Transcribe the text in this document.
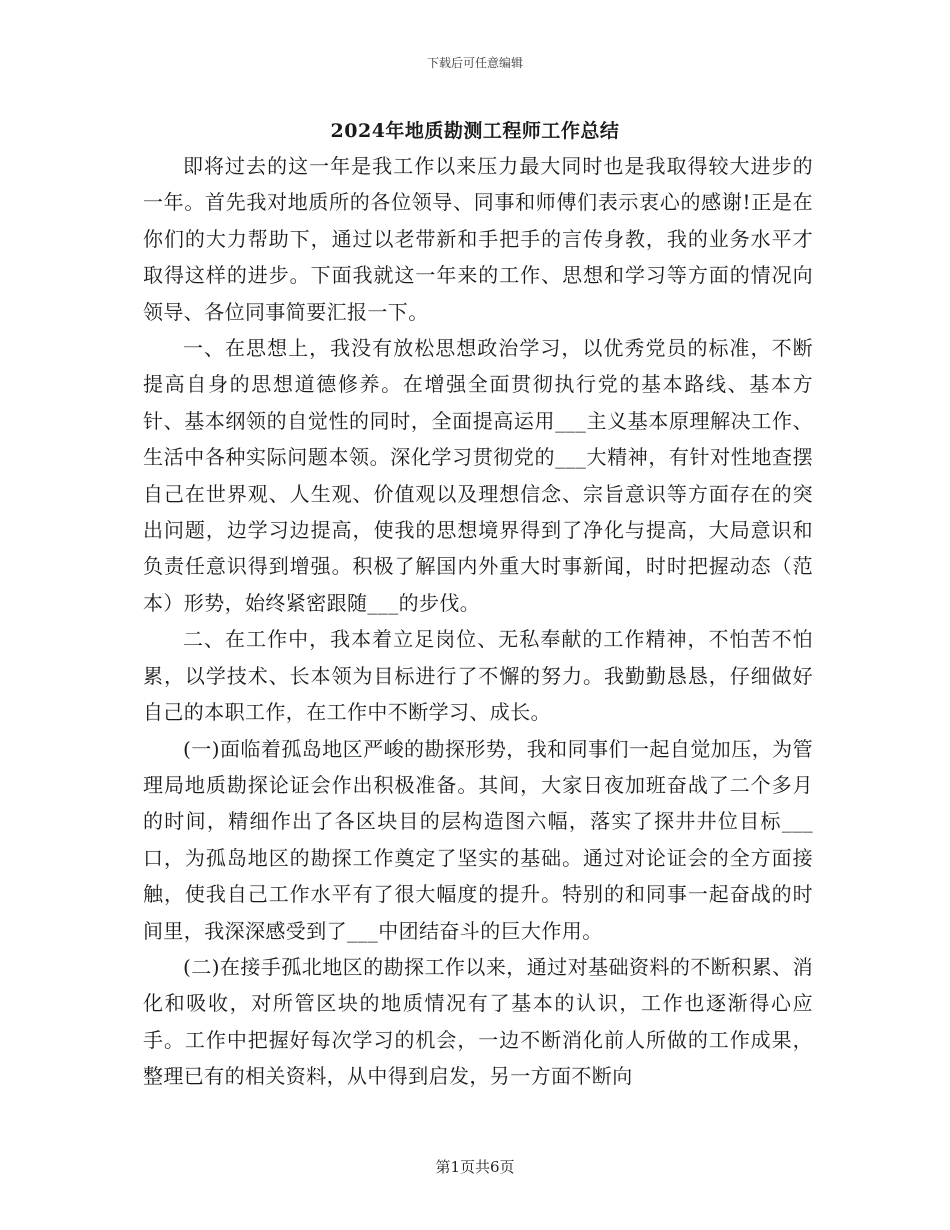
下载后可任意编辑
2024年地质勘测工程师工作总结

即将过去的这一年是我工作以来压力最大同时也是我取得较大进步的一年。首先我对地质所的各位领导、同事和师傅们表示衷心的感谢!正是在你们的大力帮助下，通过以老带新和手把手的言传身教，我的业务水平才取得这样的进步。下面我就这一年来的工作、思想和学习等方面的情况向领导、各位同事简要汇报一下。

一、在思想上，我没有放松思想政治学习，以优秀党员的标准，不断提高自身的思想道德修养。在增强全面贯彻执行党的基本路线、基本方针、基本纲领的自觉性的同时，全面提高运用___主义基本原理解决工作、生活中各种实际问题本领。深化学习贯彻党的___大精神，有针对性地查摆自己在世界观、人生观、价值观以及理想信念、宗旨意识等方面存在的突出问题，边学习边提高，使我的思想境界得到了净化与提高，大局意识和负责任意识得到增强。积极了解国内外重大时事新闻，时时把握动态（范本）形势，始终紧密跟随___的步伐。

二、在工作中，我本着立足岗位、无私奉献的工作精神，不怕苦不怕累，以学技术、长本领为目标进行了不懈的努力。我勤勤恳恳，仔细做好自己的本职工作，在工作中不断学习、成长。

(一)面临着孤岛地区严峻的勘探形势，我和同事们一起自觉加压，为管理局地质勘探论证会作出积极准备。其间，大家日夜加班奋战了二个多月的时间，精细作出了各区块目的层构造图六幅，落实了探井井位目标___口，为孤岛地区的勘探工作奠定了坚实的基础。通过对论证会的全方面接触，使我自己工作水平有了很大幅度的提升。特别的和同事一起奋战的时间里，我深深感受到了___中团结奋斗的巨大作用。

(二)在接手孤北地区的勘探工作以来，通过对基础资料的不断积累、消化和吸收，对所管区块的地质情况有了基本的认识，工作也逐渐得心应手。工作中把握好每次学习的机会，一边不断消化前人所做的工作成果，整理已有的相关资料，从中得到启发，另一方面不断向

第1页共6页
